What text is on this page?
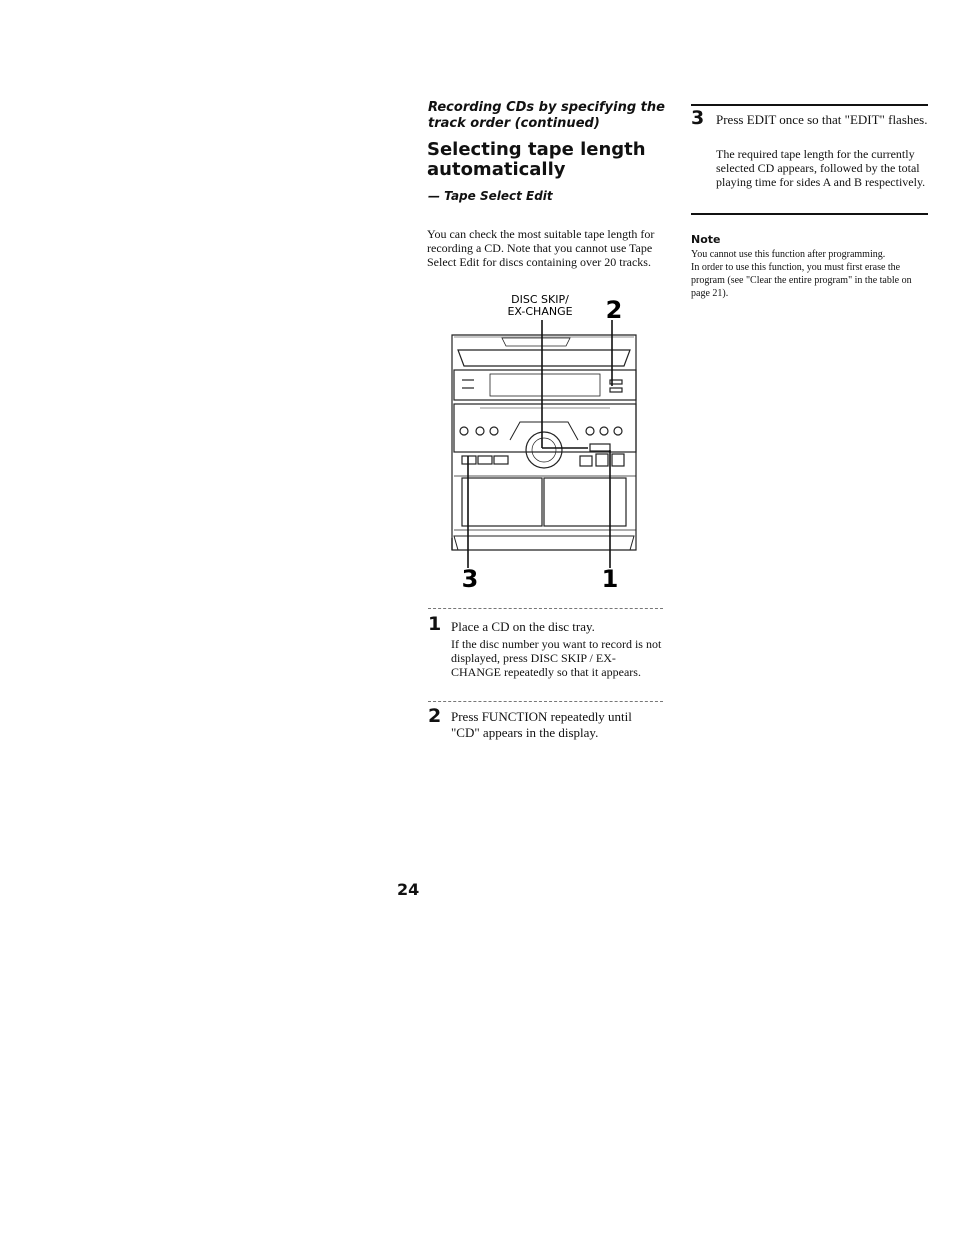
Recording CDs by specifying the track order (continued)
Selecting tape length automatically
— Tape Select Edit
You can check the most suitable tape length for recording a CD. Note that you cannot use Tape Select Edit for discs containing over 20 tracks.
DISC SKIP/
EX-CHANGE 2
3	1
1 Place a CD on the disc tray.
If the disc number you want to record is not displayed, press DISC SKIP / EX-CHANGE repeatedly so that it appears.
2 Press FUNCTION repeatedly until "CD" appears in the display.
3 Press EDIT once so that "EDIT" flashes.
The required tape length for the currently selected CD appears, followed by the total playing time for sides A and B respectively.
Note
You cannot use this function after programming.
In order to use this function, you must first erase the program (see "Clear the entire program" in the table on page 21).
24
